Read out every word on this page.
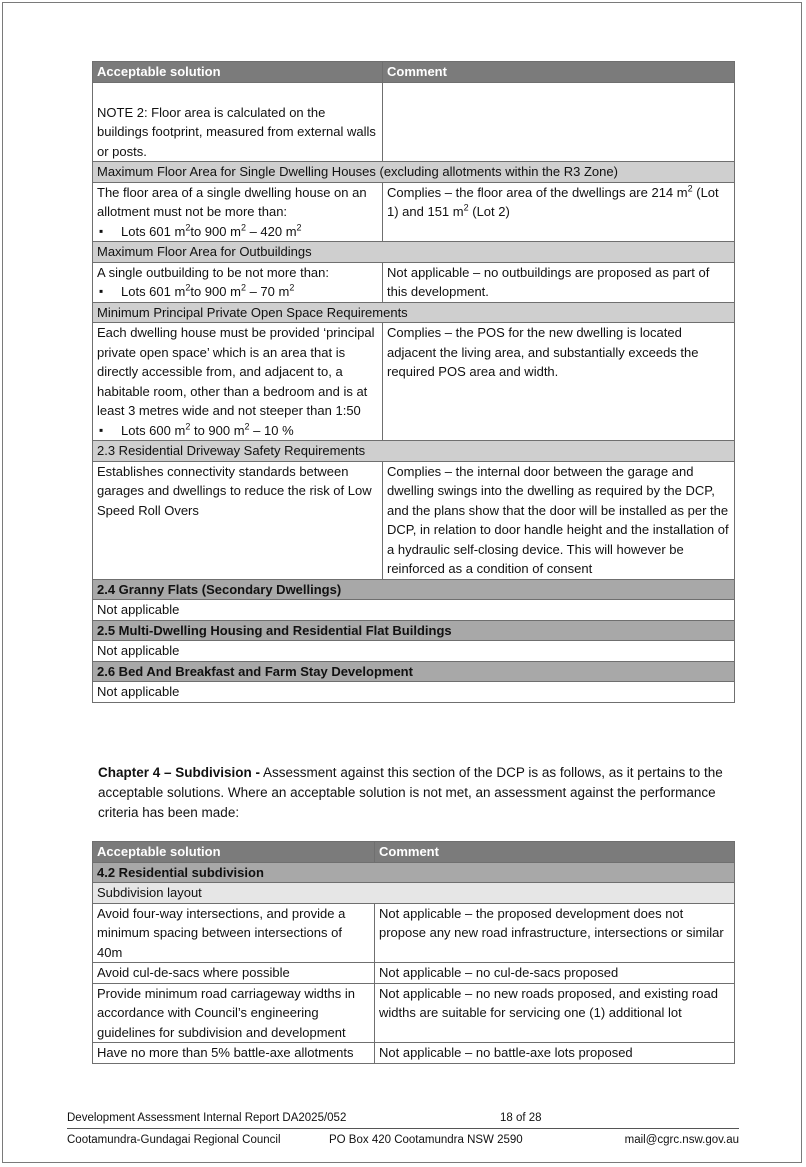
Acceptable solution	Comment
NOTE 2: Floor area is calculated on the buildings footprint, measured from external walls or posts.	
Maximum Floor Area for Single Dwelling Houses (excluding allotments within the R3 Zone)	
The floor area of a single dwelling house on an allotment must not be more than:
▪ Lots 601 $m^2to$ 900 $m^2 - 420$ $m^2$	Complies – the floor area of the dwellings are 214 $m^2$ (Lot 1) and 151 $m^2$ (Lot 2)
Maximum Floor Area for Outbuildings	
A single outbuilding to be not more than:
▪ Lots 601 $m^2to$ 900 $m^2 - 70$ $m^2$	Not applicable – no outbuildings are proposed as part of this development.
Minimum Principal Private Open Space Requirements	
Each dwelling house must be provided ‘principal private open space’ which is an area that is directly accessible from, and adjacent to, a habitable room, other than a bedroom and is at least 3 metres wide and not steeper than 1:50
▪ Lots 600 $m^2$ to 900 $m^2 - 10$ %	Complies – the POS for the new dwelling is located adjacent the living area, and substantially exceeds the required POS area and width.
2.3 Residential Driveway Safety Requirements	
Establishes connectivity standards between garages and dwellings to reduce the risk of Low Speed Roll Overs	Complies – the internal door between the garage and dwelling swings into the dwelling as required by the DCP, and the plans show that the door will be installed as per the DCP, in relation to door handle height and the installation of a hydraulic self-closing device. This will however be reinforced as a condition of consent
2.4 Granny Flats (Secondary Dwellings)	
Not applicable	
2.5 Multi-Dwelling Housing and Residential Flat Buildings	
Not applicable	
2.6 Bed And Breakfast and Farm Stay Development	
Not applicable	
Chapter 4 – Subdivision - Assessment against this section of the DCP is as follows, as it pertains to the acceptable solutions. Where an acceptable solution is not met, an assessment against the performance criteria has been made:
Acceptable solution	Comment
4.2 Residential subdivision	
Subdivision layout	
Avoid four-way intersections, and provide a minimum spacing between intersections of 40m	Not applicable – the proposed development does not propose any new road infrastructure, intersections or similar
Avoid cul-de-sacs where possible	Not applicable – no cul-de-sacs proposed
Provide minimum road carriageway widths in accordance with Council’s engineering guidelines for subdivision and development	Not applicable – no new roads proposed, and existing road widths are suitable for servicing one (1) additional lot
Have no more than 5% battle-axe allotments	Not applicable – no battle-axe lots proposed
Development Assessment Internal Report DA2025/052	18 of 28
Cootamundra-Gundagai Regional Council	PO Box 420 Cootamundra NSW 2590	mail@cgrc.nsw.gov.au
